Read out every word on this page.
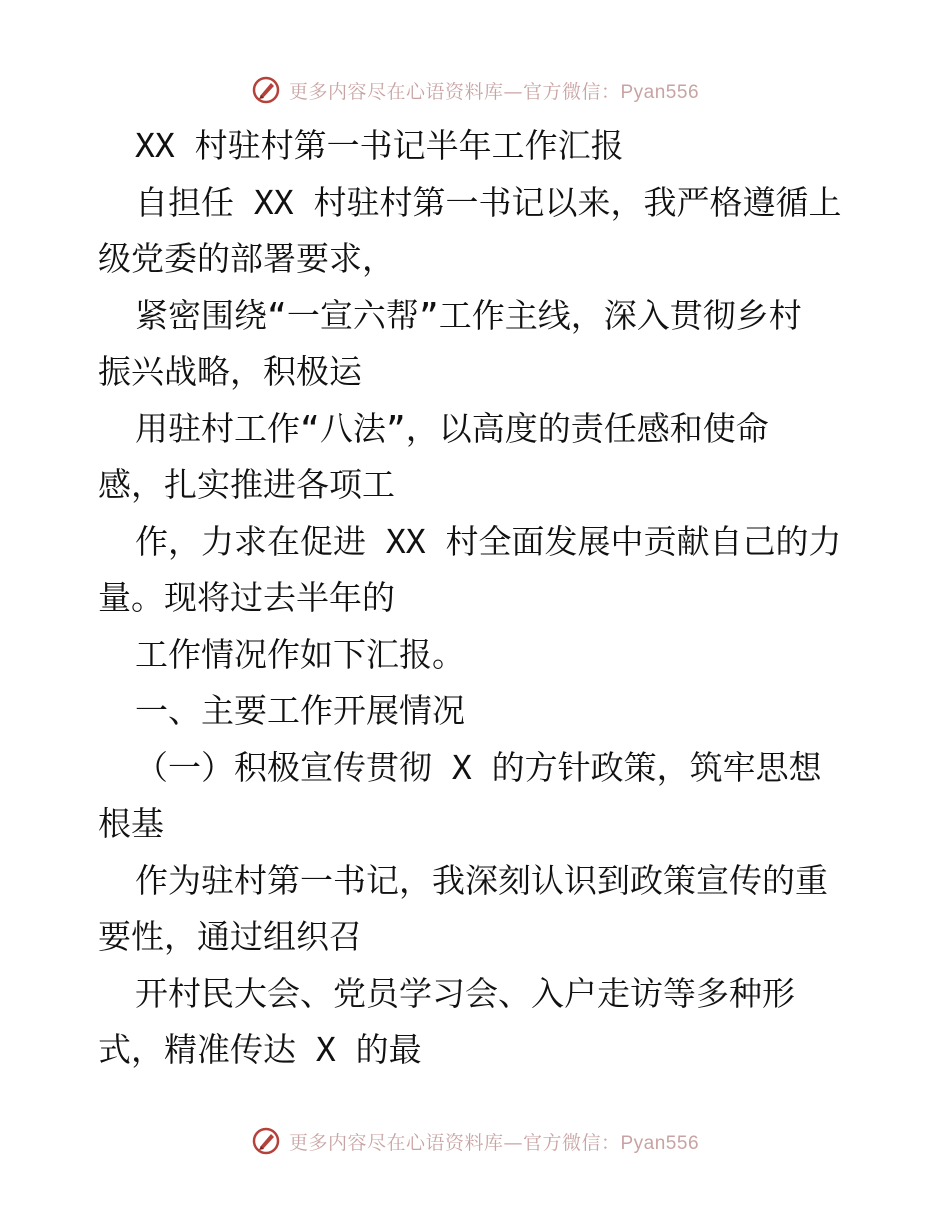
更多内容尽在心语资料库—官方微信：Pyan556

XX 村驻村第一书记半年工作汇报

自担任 XX 村驻村第一书记以来，我严格遵循上

级党委的部署要求，

紧密围绕“一宣六帮”工作主线，深入贯彻乡村

振兴战略，积极运

用驻村工作“八法”，以高度的责任感和使命

感，扎实推进各项工

作，力求在促进 XX 村全面发展中贡献自己的力

量。现将过去半年的

工作情况作如下汇报。

一、主要工作开展情况

（一）积极宣传贯彻 X 的方针政策，筑牢思想

根基

作为驻村第一书记，我深刻认识到政策宣传的重

要性，通过组织召

开村民大会、党员学习会、入户走访等多种形

式，精准传达 X 的最

更多内容尽在心语资料库—官方微信：Pyan556
